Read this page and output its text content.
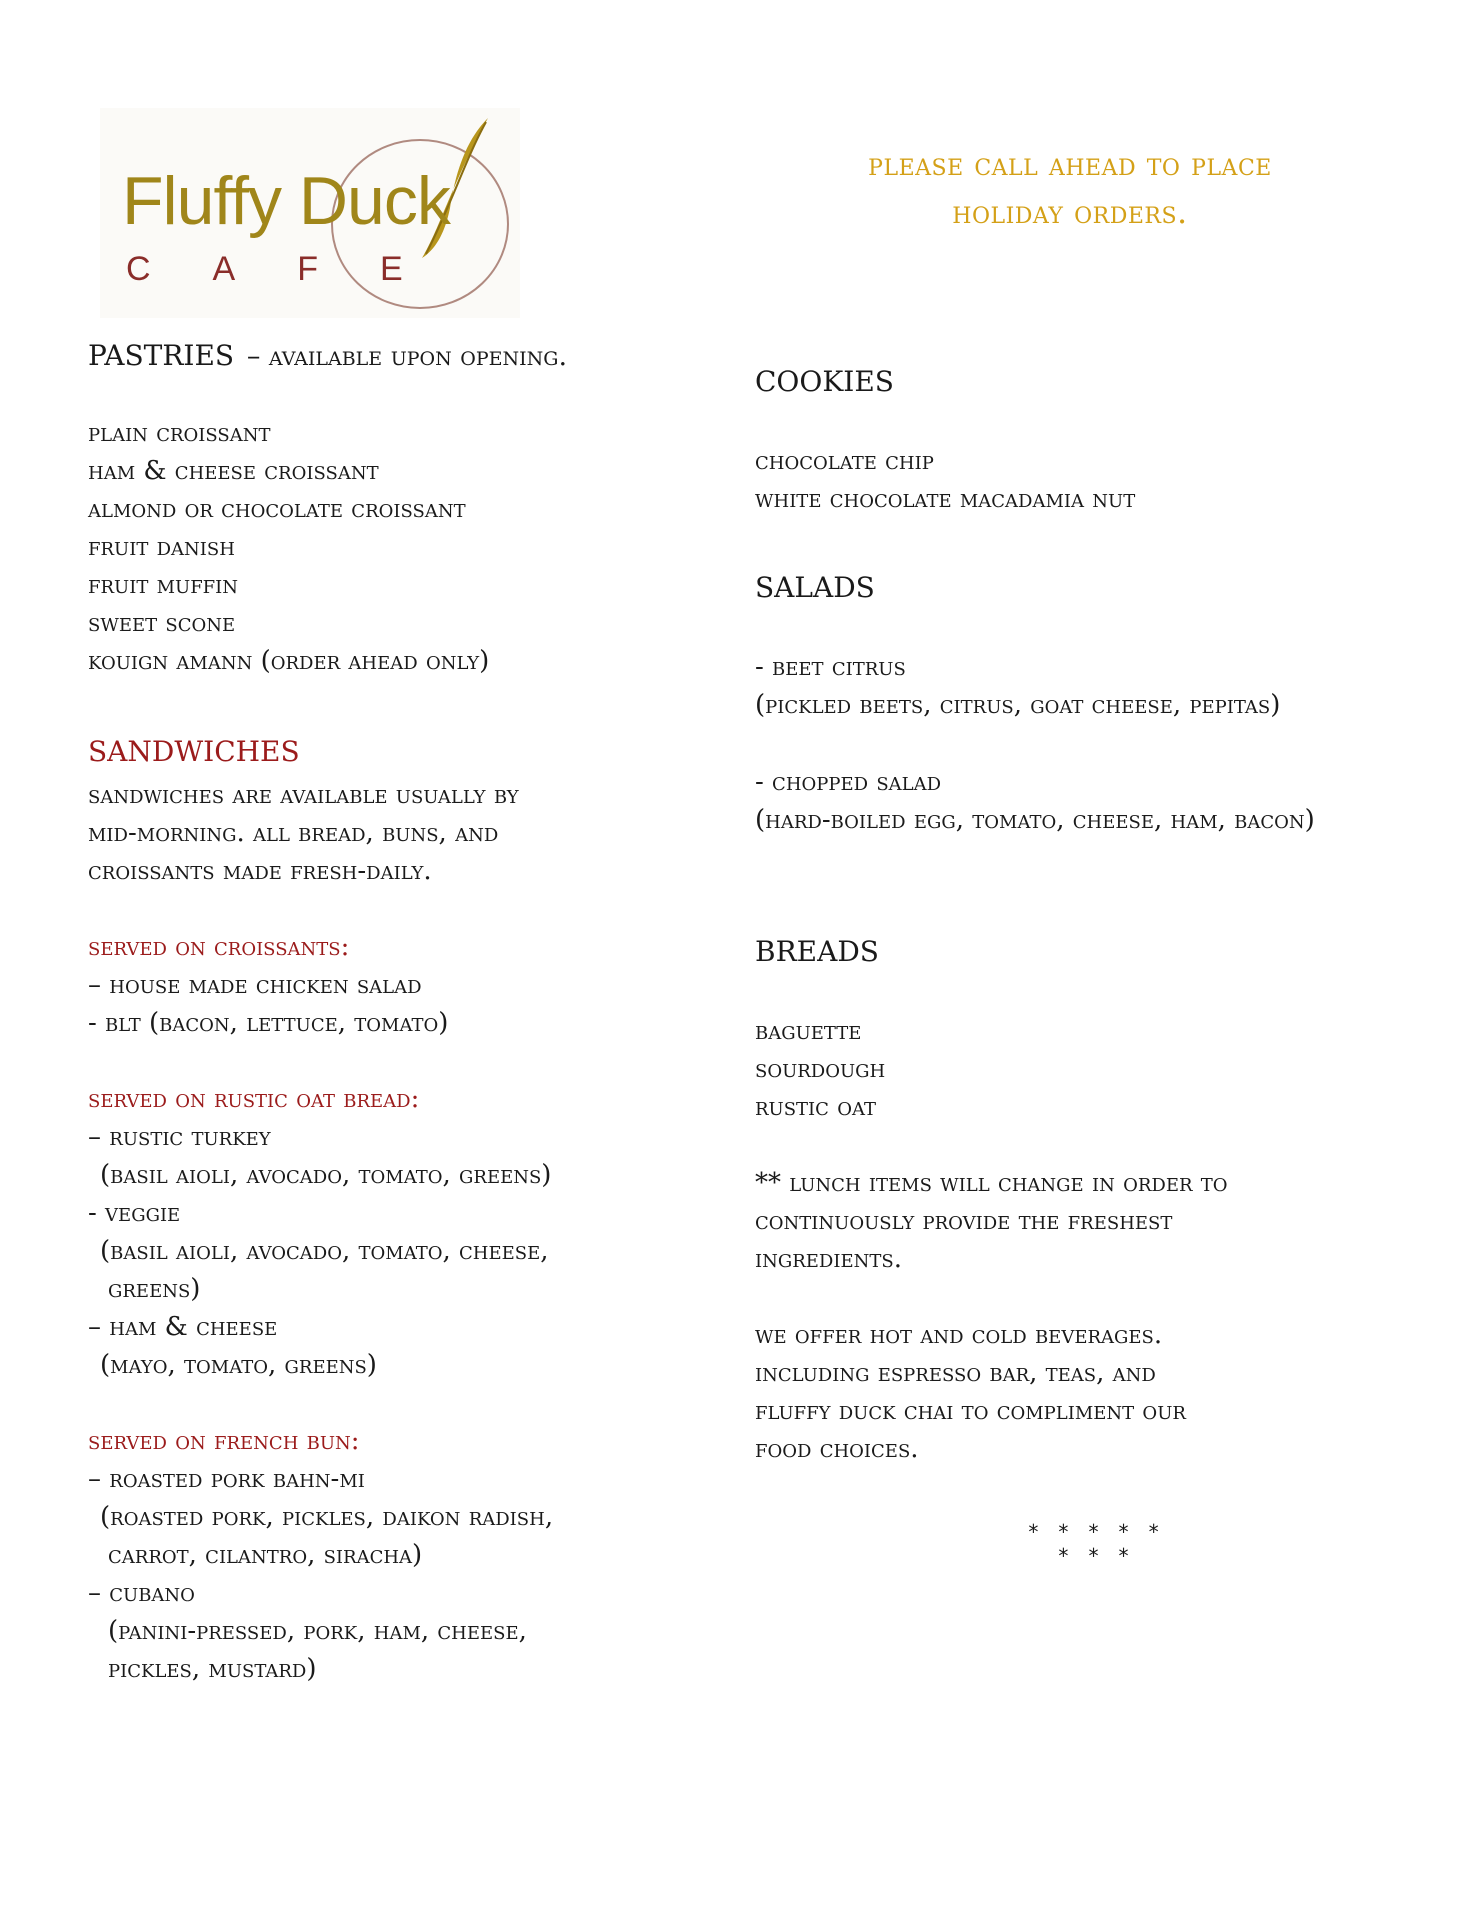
Fluffy Duck
CAFE
please call ahead to place
holiday orders.
pastries – available upon opening.
plain croissant
ham & cheese croissant
almond or chocolate croissant
fruit danish
fruit muffin
sweet scone
kouign amann (order ahead only)
sandwiches
sandwiches are available usually by
mid-morning. all bread, buns, and
croissants made fresh-daily.
served on croissants:
– house made chicken salad
- blt (bacon, lettuce, tomato)
served on rustic oat bread:
– rustic turkey
(basil aioli, avocado, tomato, greens)
- veggie
(basil aioli, avocado, tomato, cheese,
greens)
– ham & cheese
(mayo, tomato, greens)
served on french bun:
– roasted pork bahn-mi
(roasted pork, pickles, daikon radish,
carrot, cilantro, siracha)
– cubano
(panini-pressed, pork, ham, cheese,
pickles, mustard)
cookies
chocolate chip
white chocolate macadamia nut
salads
- beet citrus
(pickled beets, citrus, goat cheese, pepitas)
- chopped salad
(hard-boiled egg, tomato, cheese, ham, bacon)
breads
baguette
sourdough
rustic oat
** lunch items will change in order to
continuously provide the freshest
ingredients.
we offer hot and cold beverages.
including espresso bar, teas, and
fluffy duck chai to compliment our
food choices.
* * * * * * * *
